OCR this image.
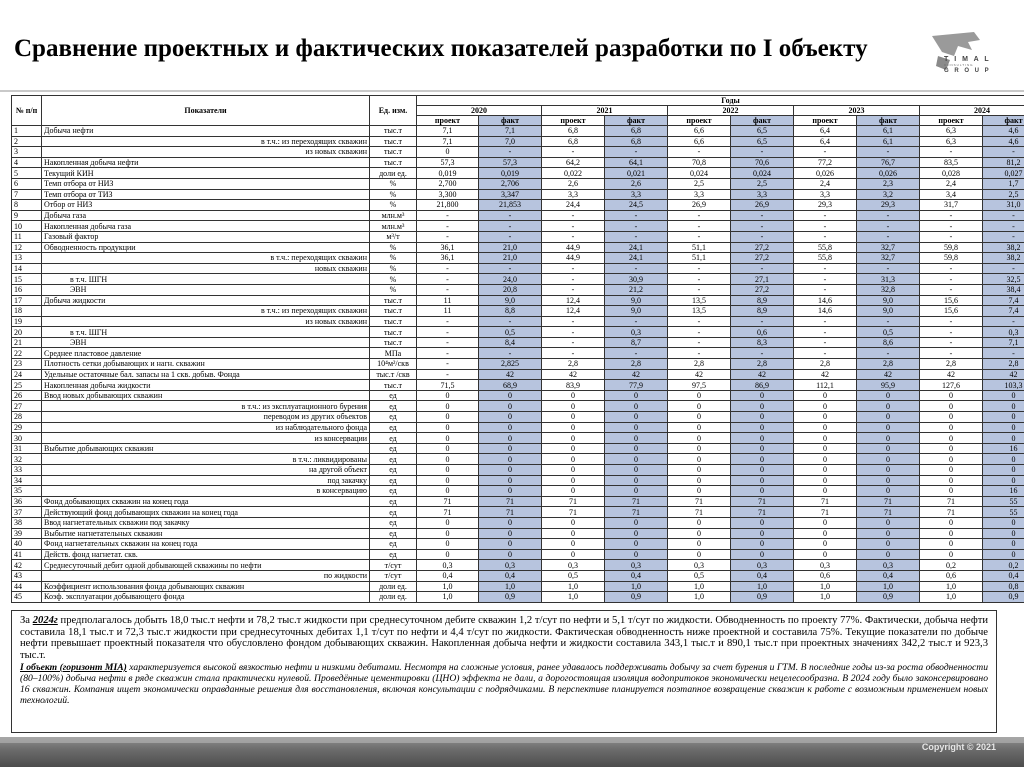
Сравнение проектных и фактических показателей разработки по I объекту	T I M A L
CONSULTING
G R O U P
№ п/п	Показатели	Ед. изм.	Годы									
			2020		2021		2022		2023		2024	
			проект	факт	проект	факт	проект	факт	проект	факт	проект	факт
1	Добыча нефти	тыс.т	7,1	7,1	6,8	6,8	6,6	6,5	6,4	6,1	6,3	4,6
2	в т.ч.: из переходящих скважин	тыс.т	7,1	7,0	6,8	6,8	6,6	6,5	6,4	6,1	6,3	4,6
3	из новых скважин	тыс.т	0	-	-	-	-	-	-	-	-	-
4	Накопленная добыча нефти	тыс.т	57,3	57,3	64,2	64,1	70,8	70,6	77,2	76,7	83,5	81,2
5	Текущий КИН	доли ед.	0,019	0,019	0,022	0,021	0,024	0,024	0,026	0,026	0,028	0,027
6	Темп отбора от НИЗ	%	2,700	2,706	2,6	2,6	2,5	2,5	2,4	2,3	2,4	1,7
7	Темп отбора от ТИЗ	%	3,300	3,347	3,3	3,3	3,3	3,3	3,3	3,2	3,4	2,5
8	Отбор от НИЗ	%	21,800	21,853	24,4	24,5	26,9	26,9	29,3	29,3	31,7	31,0
9	Добыча газа	млн.м³	-	-	-	-	-	-	-	-	-	-
10	Накопленная добыча газа	млн.м³	-	-	-	-	-	-	-	-	-	-
11	Газовый фактор	м³/т	-	-	-	-	-	-	-	-	-	-
12	Обводненность продукции	%	36,1	21,0	44,9	24,1	51,1	27,2	55,8	32,7	59,8	38,2
13	в т.ч.: переходящих скважин	%	36,1	21,0	44,9	24,1	51,1	27,2	55,8	32,7	59,8	38,2
14	новых скважин	%	-	-	-	-	-	-	-	-	-	-
15	в т.ч. ШГН	%	-	24,0	-	30,9	-	27,1	-	31,3	-	32,5
16	ЭВН	%	-	20,8	-	21,2	-	27,2	-	32,8	-	38,4
17	Добыча жидкости	тыс.т	11	9,0	12,4	9,0	13,5	8,9	14,6	9,0	15,6	7,4
18	в т.ч.: из переходящих скважин	тыс.т	11	8,8	12,4	9,0	13,5	8,9	14,6	9,0	15,6	7,4
19	из новых скважин	тыс.т	-	-	-	-	-	-	-	-	-	-
20	в т.ч. ШГН	тыс.т	-	0,5	-	0,3	-	0,6	-	0,5	-	0,3
21	ЭВН	тыс.т	-	8,4	-	8,7	-	8,3	-	8,6	-	7,1
22	Среднее пластовое давление	МПа	-	-	-	-	-	-	-	-	-	-
23	Плотность сетки добывающих и нагн. скважин	10⁴м²/скв	-	2,825	2,8	2,8	2,8	2,8	2,8	2,8	2,8	2,8
24	Удельные остаточные бал. запасы на 1 скв. добыв. Фонда	тыс.т /скв	-	42	42	42	42	42	42	42	42	42
25	Накопленная добыча жидкости	тыс.т	71,5	68,9	83,9	77,9	97,5	86,9	112,1	95,9	127,6	103,3
26	Ввод новых добывающих скважин	ед	0	0	0	0	0	0	0	0	0	0
27	в т.ч.: из эксплуатационного бурения	ед	0	0	0	0	0	0	0	0	0	0
28	переводом из других объектов	ед	0	0	0	0	0	0	0	0	0	0
29	из наблюдательного фонда	ед	0	0	0	0	0	0	0	0	0	0
30	из консервации	ед	0	0	0	0	0	0	0	0	0	0
31	Выбытие добывающих скважин	ед	0	0	0	0	0	0	0	0	0	16
32	в т.ч.: ликвидированы	ед	0	0	0	0	0	0	0	0	0	0
33	на другой объект	ед	0	0	0	0	0	0	0	0	0	0
34	под закачку	ед	0	0	0	0	0	0	0	0	0	0
35	в консервацию	ед	0	0	0	0	0	0	0	0	0	16
36	Фонд добывающих скважин на конец года	ед	71	71	71	71	71	71	71	71	71	55
37	Действующий фонд добывающих скважин на конец года	ед	71	71	71	71	71	71	71	71	71	55
38	Ввод нагнетательных скважин под закачку	ед	0	0	0	0	0	0	0	0	0	0
39	Выбытие нагнетательных скважин	ед	0	0	0	0	0	0	0	0	0	0
40	Фонд нагнетательных скважин на конец года	ед	0	0	0	0	0	0	0	0	0	0
41	Действ. фонд нагнетат. скв.	ед	0	0	0	0	0	0	0	0	0	0
42	Среднесуточный дебит одной добывающей скважины по нефти	т/сут	0,3	0,3	0,3	0,3	0,3	0,3	0,3	0,3	0,2	0,2
43	по жидкости	т/сут	0,4	0,4	0,5	0,4	0,5	0,4	0,6	0,4	0,6	0,4
44	Коэффициент использования фонда добывающих скважин	доли ед.	1,0	1,0	1,0	1,0	1,0	1,0	1,0	1,0	1,0	0,8
45	Коэф. эксплуатации добывающего фонда	доли ед.	1,0	0,9	1,0	0,9	1,0	0,9	1,0	0,9	1,0	0,9

За 2024г предполагалось добыть 18,0 тыс.т нефти и 78,2 тыс.т жидкости при среднесуточном дебите скважин 1,2 т/сут по нефти и 5,1 т/сут по жидкости. Обводненность по проекту 77%. Фактически, добыча нефти составила 18,1 тыс.т и 72,3 тыс.т жидкости при среднесуточных дебитах 1,1 т/сут по нефти и 4,4 т/сут по жидкости. Фактическая обводненность ниже проектной и составила 75%. Текущие показатели по добыче нефти превышает проектный показателя что обусловлено фондом добывающих скважин. Накопленная добыча нефти и жидкости составила 343,1 тыс.т и 890,1 тыс.т при проектных значениях 342,2 тыс.т и 923,3 тыс.т.

I объект (горизонт MIA) характеризуется высокой вязкостью нефти и низкими дебитами. Несмотря на сложные условия, ранее удавалось поддерживать добычу за счет бурения и ГТМ. В последние годы из-за роста обводненности (80–100%) добыча нефти в ряде скважин стала практически нулевой. Проведённые цементировки (ЦНО) эффекта не дали, а дорогостоящая изоляция водопритоков экономически нецелесообразна. В 2024 году было законсервировано 16 скважин. Компания ищет экономически оправданные решения для восстановления, включая консультации с подрядчиками. В перспективе планируется поэтапное возвращение скважин к работе с возможным применением новых технологий.

Copyright © 2021
